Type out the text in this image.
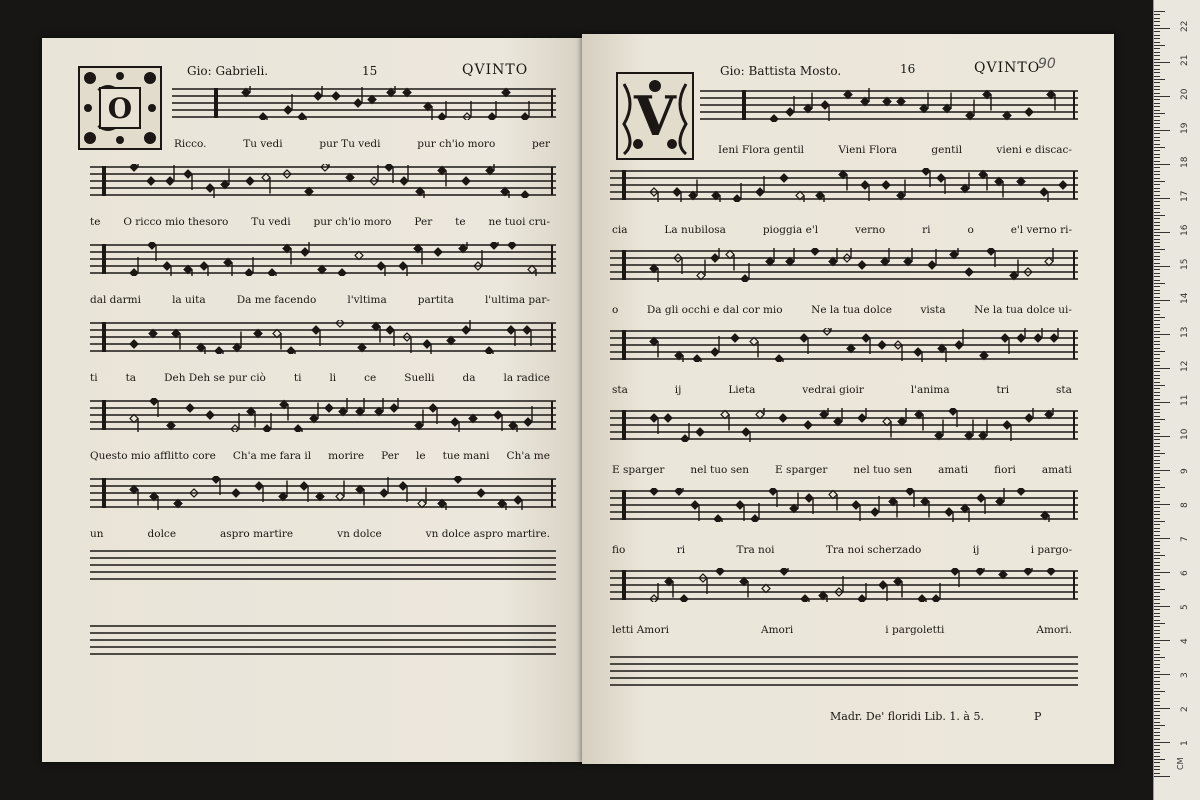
O
Gio: Gabrieli.	15	QVINTO
Ricco.	Tu vedi	pur Tu vedi	pur ch'io moro	per
te O ricco mio thesoro Tu vedi pur ch'io moro Per te ne tuoi cru-
dal darmi	la uita	Da me facendo	l'vltima	partita	l'ultima par-
ti	ta	Deh Deh se pur ciò	ti	li	ce	Suelli	da	la radice
Questo mio afflitto core Ch'a me fara il morire Per le tue mani Ch'a me
un	dolce	aspro martire	vn dolce	vn dolce aspro martire.
V
Gio: Battista Mosto.	16	QVINTO
90
Ieni Flora gentil	Vieni Flora	gentil	vieni e discac-
cia	La nubilosa	pioggia e'l	verno	ri	o	e'l verno ri-
o	Da gli occhi e dal cor mio	Ne la tua dolce	vista	Ne la tua dolce ui-
sta	ij	Lieta	vedrai gioir	l'anima	tri	sta
E sparger nel tuo sen E sparger nel tuo sen amati fiori amati
fio	ri	Tra noi	Tra noi scherzado	ij	i pargo-
letti Amori	Amori	i pargoletti	Amori.
Madr. De' floridi Lib. 1. à 5.	P
CM
1
2
3
4
5
6
7
8
9
10
11
12
13
14
15
16
17
18
19
20
21
22
